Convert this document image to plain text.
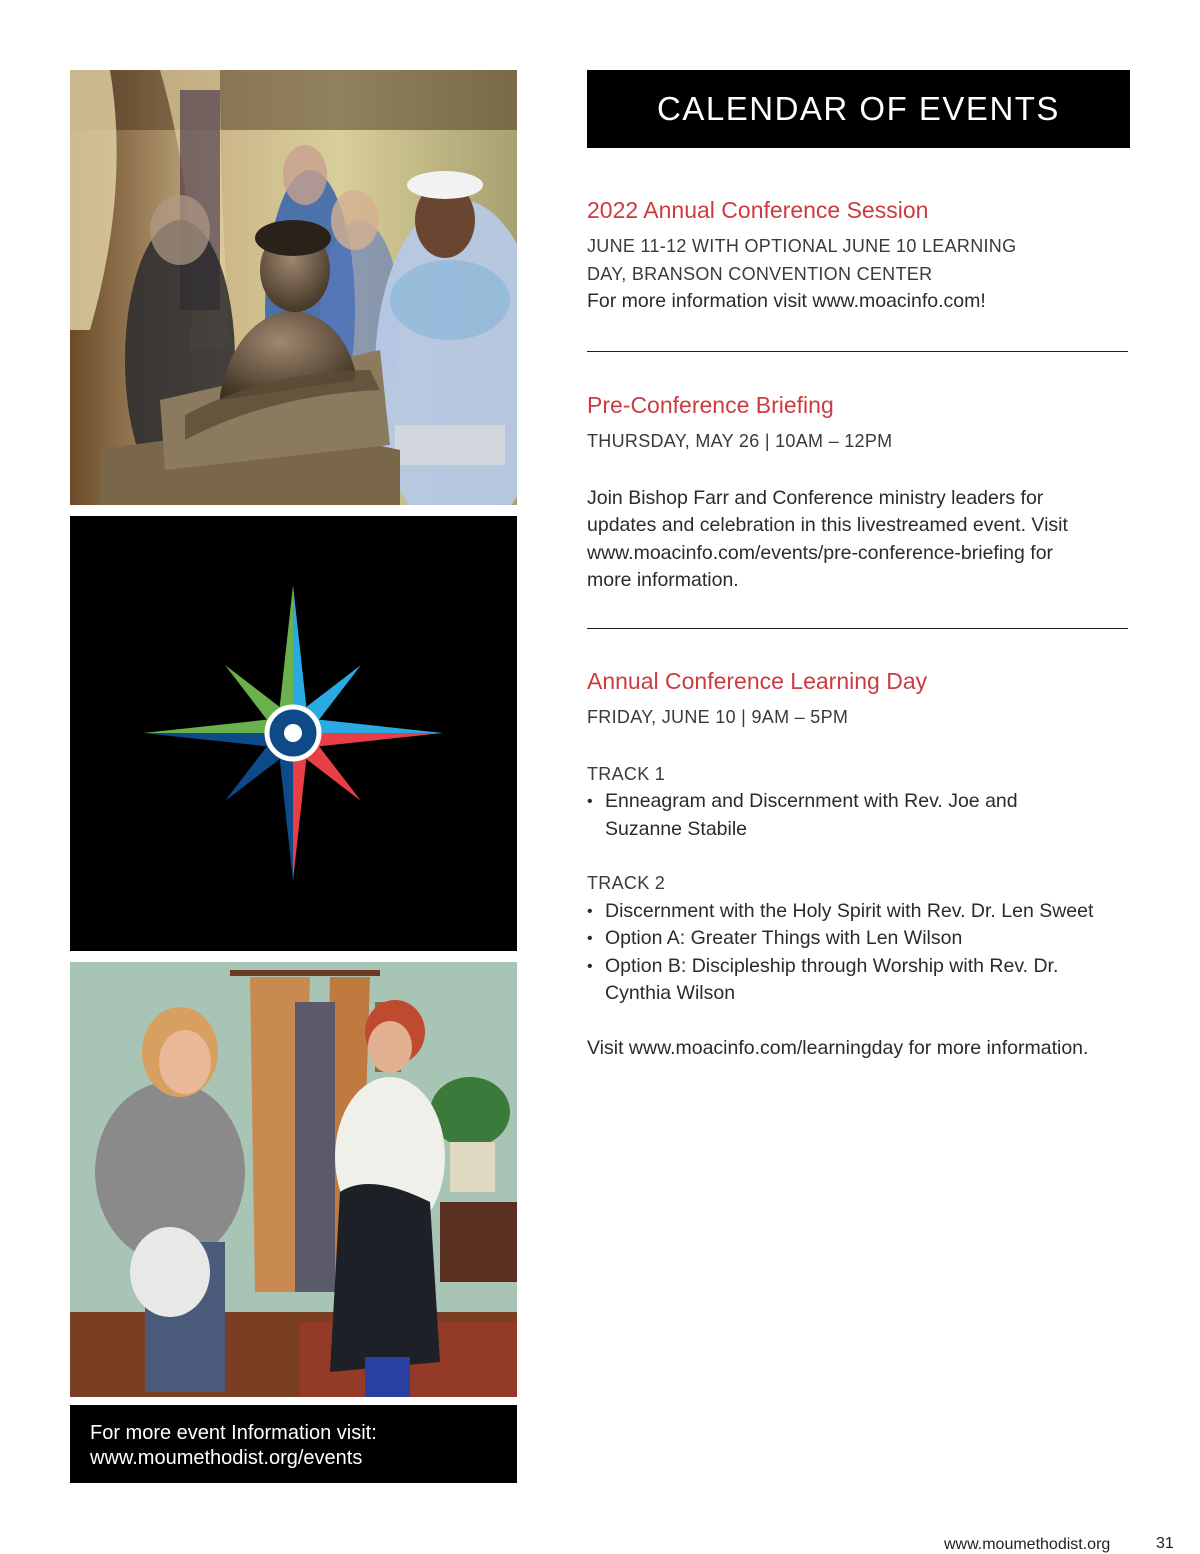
For more event Information visit:
www.moumethodist.org/events
CALENDAR OF EVENTS
2022 Annual Conference Session
JUNE 11-12 WITH OPTIONAL JUNE 10 LEARNING
DAY, BRANSON CONVENTION CENTER
For more information visit www.moacinfo.com!
Pre-Conference Briefing
THURSDAY, MAY 26 | 10AM – 12PM
Join Bishop Farr and Conference ministry leaders for
updates and celebration in this livestreamed event. Visit
www.moacinfo.com/events/pre-conference-briefing for
more information.
Annual Conference Learning Day
FRIDAY, JUNE 10 | 9AM – 5PM
TRACK 1
• Enneagram and Discernment with Rev. Joe and
Suzanne Stabile
TRACK 2
• Discernment with the Holy Spirit with Rev. Dr. Len Sweet
• Option A: Greater Things with Len Wilson
• Option B: Discipleship through Worship with Rev. Dr.
Cynthia Wilson
Visit www.moacinfo.com/learningday for more information.
www.moumethodist.org	31
